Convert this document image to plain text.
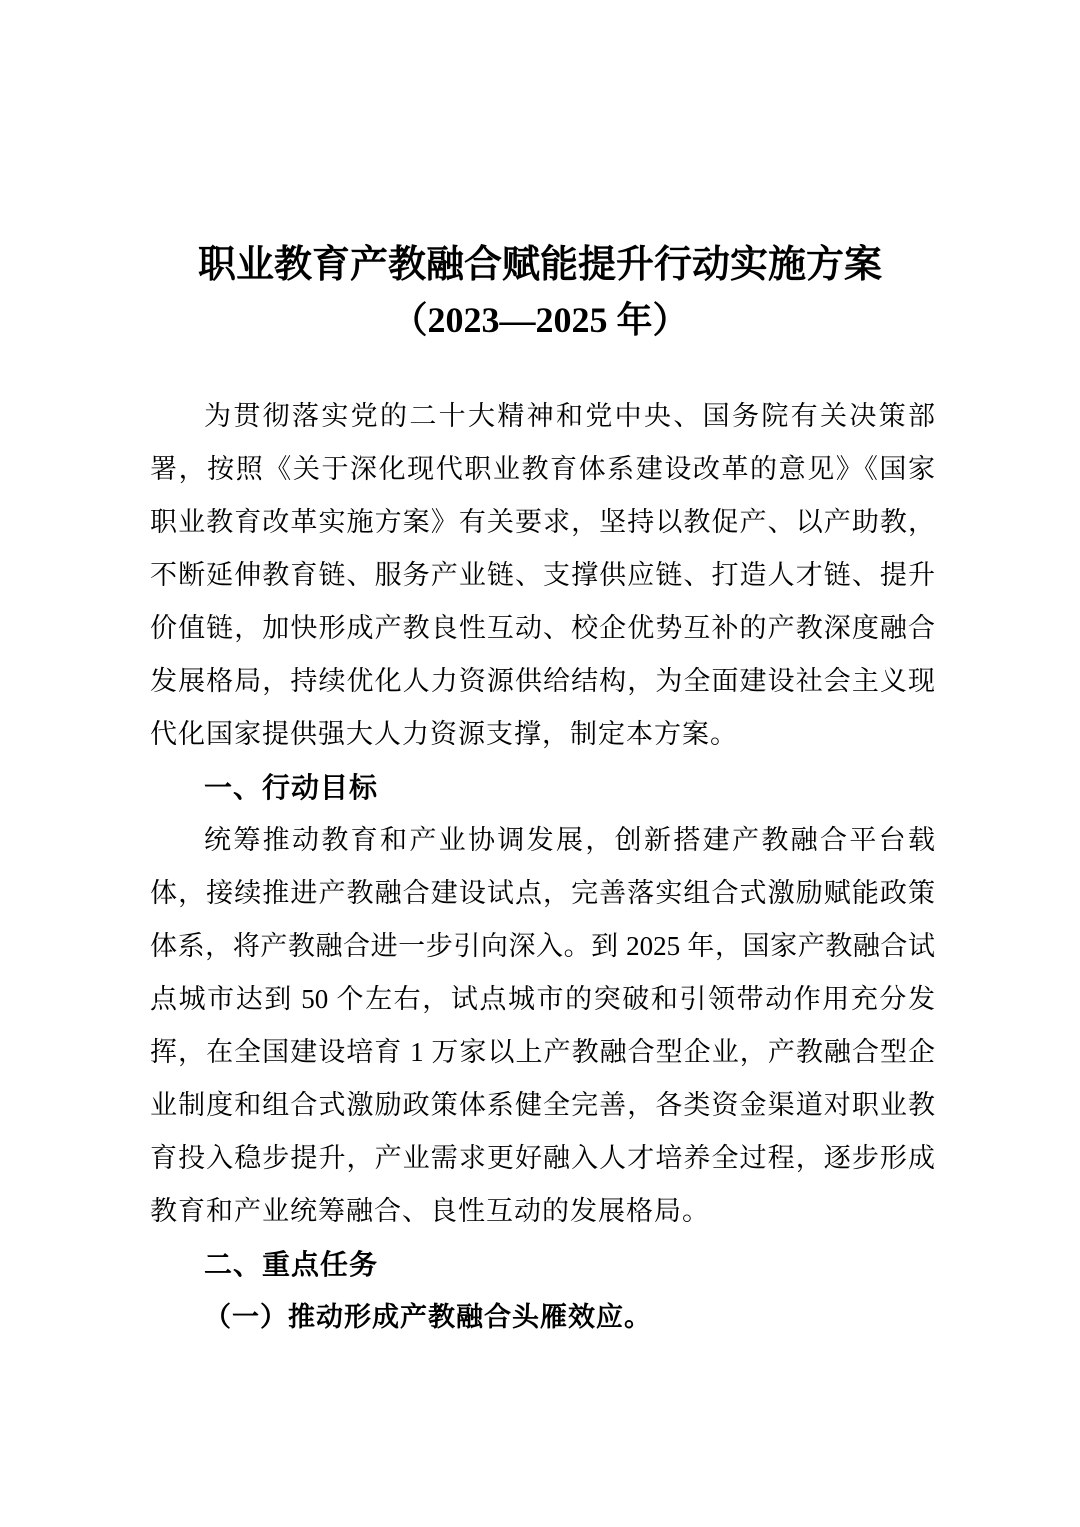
职业教育产教融合赋能提升行动实施方案
（2023—2025 年）
为贯彻落实党的二十大精神和党中央、国务院有关决策部
署，按照《关于深化现代职业教育体系建设改革的意见》《国家
职业教育改革实施方案》有关要求，坚持以教促产、以产助教，
不断延伸教育链、服务产业链、支撑供应链、打造人才链、提升
价值链，加快形成产教良性互动、校企优势互补的产教深度融合
发展格局，持续优化人力资源供给结构，为全面建设社会主义现
代化国家提供强大人力资源支撑，制定本方案。
一、行动目标
统筹推动教育和产业协调发展，创新搭建产教融合平台载
体，接续推进产教融合建设试点，完善落实组合式激励赋能政策
体系，将产教融合进一步引向深入。到 2025 年，国家产教融合试
点城市达到 50 个左右，试点城市的突破和引领带动作用充分发
挥，在全国建设培育 1 万家以上产教融合型企业，产教融合型企
业制度和组合式激励政策体系健全完善，各类资金渠道对职业教
育投入稳步提升，产业需求更好融入人才培养全过程，逐步形成
教育和产业统筹融合、良性互动的发展格局。
二、重点任务
（一）推动形成产教融合头雁效应。
